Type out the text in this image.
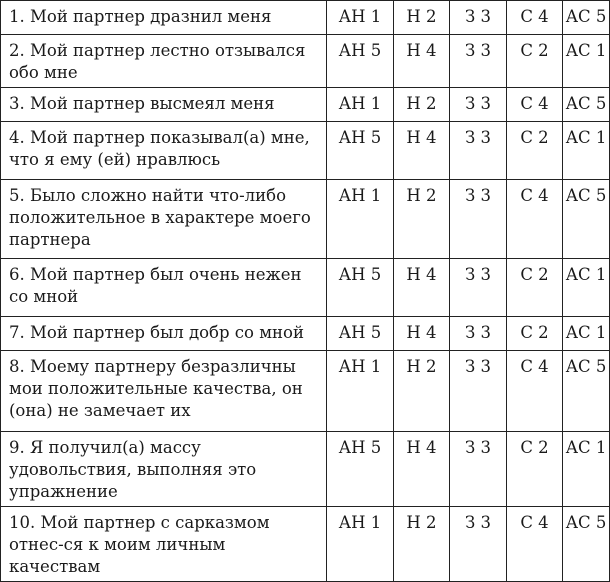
1. Мой партнер дразнил меня	АН 1	Н 2	З 3	С 4	АС 5
2. Мой партнер лестно отзывался обо мне	АН 5	Н 4	З 3	С 2	АС 1
3. Мой партнер высмеял меня	АН 1	Н 2	З 3	С 4	АС 5
4. Мой партнер показывал(а) мне, что я ему (ей) нравлюсь	АН 5	Н 4	З 3	С 2	АС 1
5. Было сложно найти что-либо положительное в характере моего партнера	АН 1	Н 2	З 3	С 4	АС 5
6. Мой партнер был очень нежен со мной	АН 5	Н 4	З 3	С 2	АС 1
7. Мой партнер был добр со мной	АН 5	Н 4	З 3	С 2	АС 1
8. Моему партнеру безразличны мои положительные качества, он (она) не замечает их	АН 1	Н 2	З 3	С 4	АС 5
9. Я получил(а) массу удовольствия, выполняя это упражнение	АН 5	Н 4	З 3	С 2	АС 1
10. Мой партнер с сарказмом отнес-ся к моим личным качествам	АН 1	Н 2	З 3	С 4	АС 5
